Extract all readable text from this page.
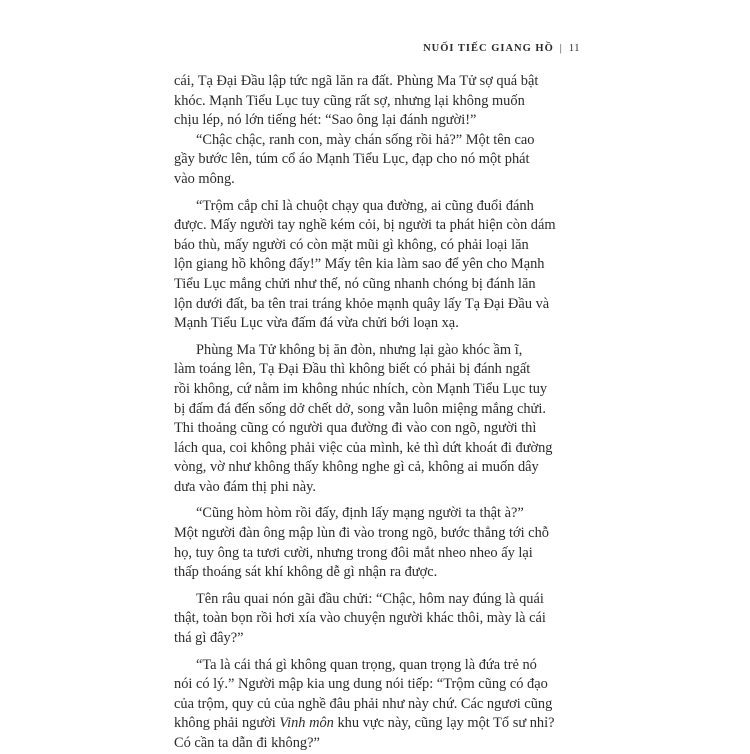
NUỐI TIẾC GIANG HỒ | 11
cái, Tạ Đại Đầu lập tức ngã lăn ra đất. Phùng Ma Tử sợ quá bật
khóc. Mạnh Tiểu Lục tuy cũng rất sợ, nhưng lại không muốn
chịu lép, nó lớn tiếng hét: “Sao ông lại đánh người!”
“Chậc chậc, ranh con, mày chán sống rồi hả?” Một tên cao
gầy bước lên, túm cổ áo Mạnh Tiểu Lục, đạp cho nó một phát
vào mông.
“Trộm cắp chỉ là chuột chạy qua đường, ai cũng đuổi đánh
được. Mấy người tay nghề kém cỏi, bị người ta phát hiện còn dám
báo thù, mấy người có còn mặt mũi gì không, có phải loại lăn
lộn giang hồ không đấy!” Mấy tên kia làm sao để yên cho Mạnh
Tiểu Lục mắng chửi như thế, nó cũng nhanh chóng bị đánh lăn
lộn dưới đất, ba tên trai tráng khỏe mạnh quây lấy Tạ Đại Đầu và
Mạnh Tiểu Lục vừa đấm đá vừa chửi bới loạn xạ.
Phùng Ma Tử không bị ăn đòn, nhưng lại gào khóc ầm ĩ,
làm toáng lên, Tạ Đại Đầu thì không biết có phải bị đánh ngất
rồi không, cứ nằm im không nhúc nhích, còn Mạnh Tiểu Lục tuy
bị đấm đá đến sống dở chết dở, song vẫn luôn miệng mắng chửi.
Thi thoảng cũng có người qua đường đi vào con ngõ, người thì
lách qua, coi không phải việc của mình, kẻ thì dứt khoát đi đường
vòng, vờ như không thấy không nghe gì cả, không ai muốn dây
dưa vào đám thị phi này.
“Cũng hòm hòm rồi đấy, định lấy mạng người ta thật à?”
Một người đàn ông mập lùn đi vào trong ngõ, bước thẳng tới chỗ
họ, tuy ông ta tươi cười, nhưng trong đôi mắt nheo nheo ấy lại
thấp thoáng sát khí không dễ gì nhận ra được.
Tên râu quai nón gãi đầu chửi: “Chậc, hôm nay đúng là quái
thật, toàn bọn rồi hơi xía vào chuyện người khác thôi, mày là cái
thá gì đây?”
“Ta là cái thá gì không quan trọng, quan trọng là đứa trẻ nó
nói có lý.” Người mập kia ung dung nói tiếp: “Trộm cũng có đạo
của trộm, quy củ của nghề đâu phải như này chứ. Các ngươi cũng
không phải người Vinh môn khu vực này, cũng lạy một Tổ sư nhỉ?
Có cần ta dẫn đi không?”
